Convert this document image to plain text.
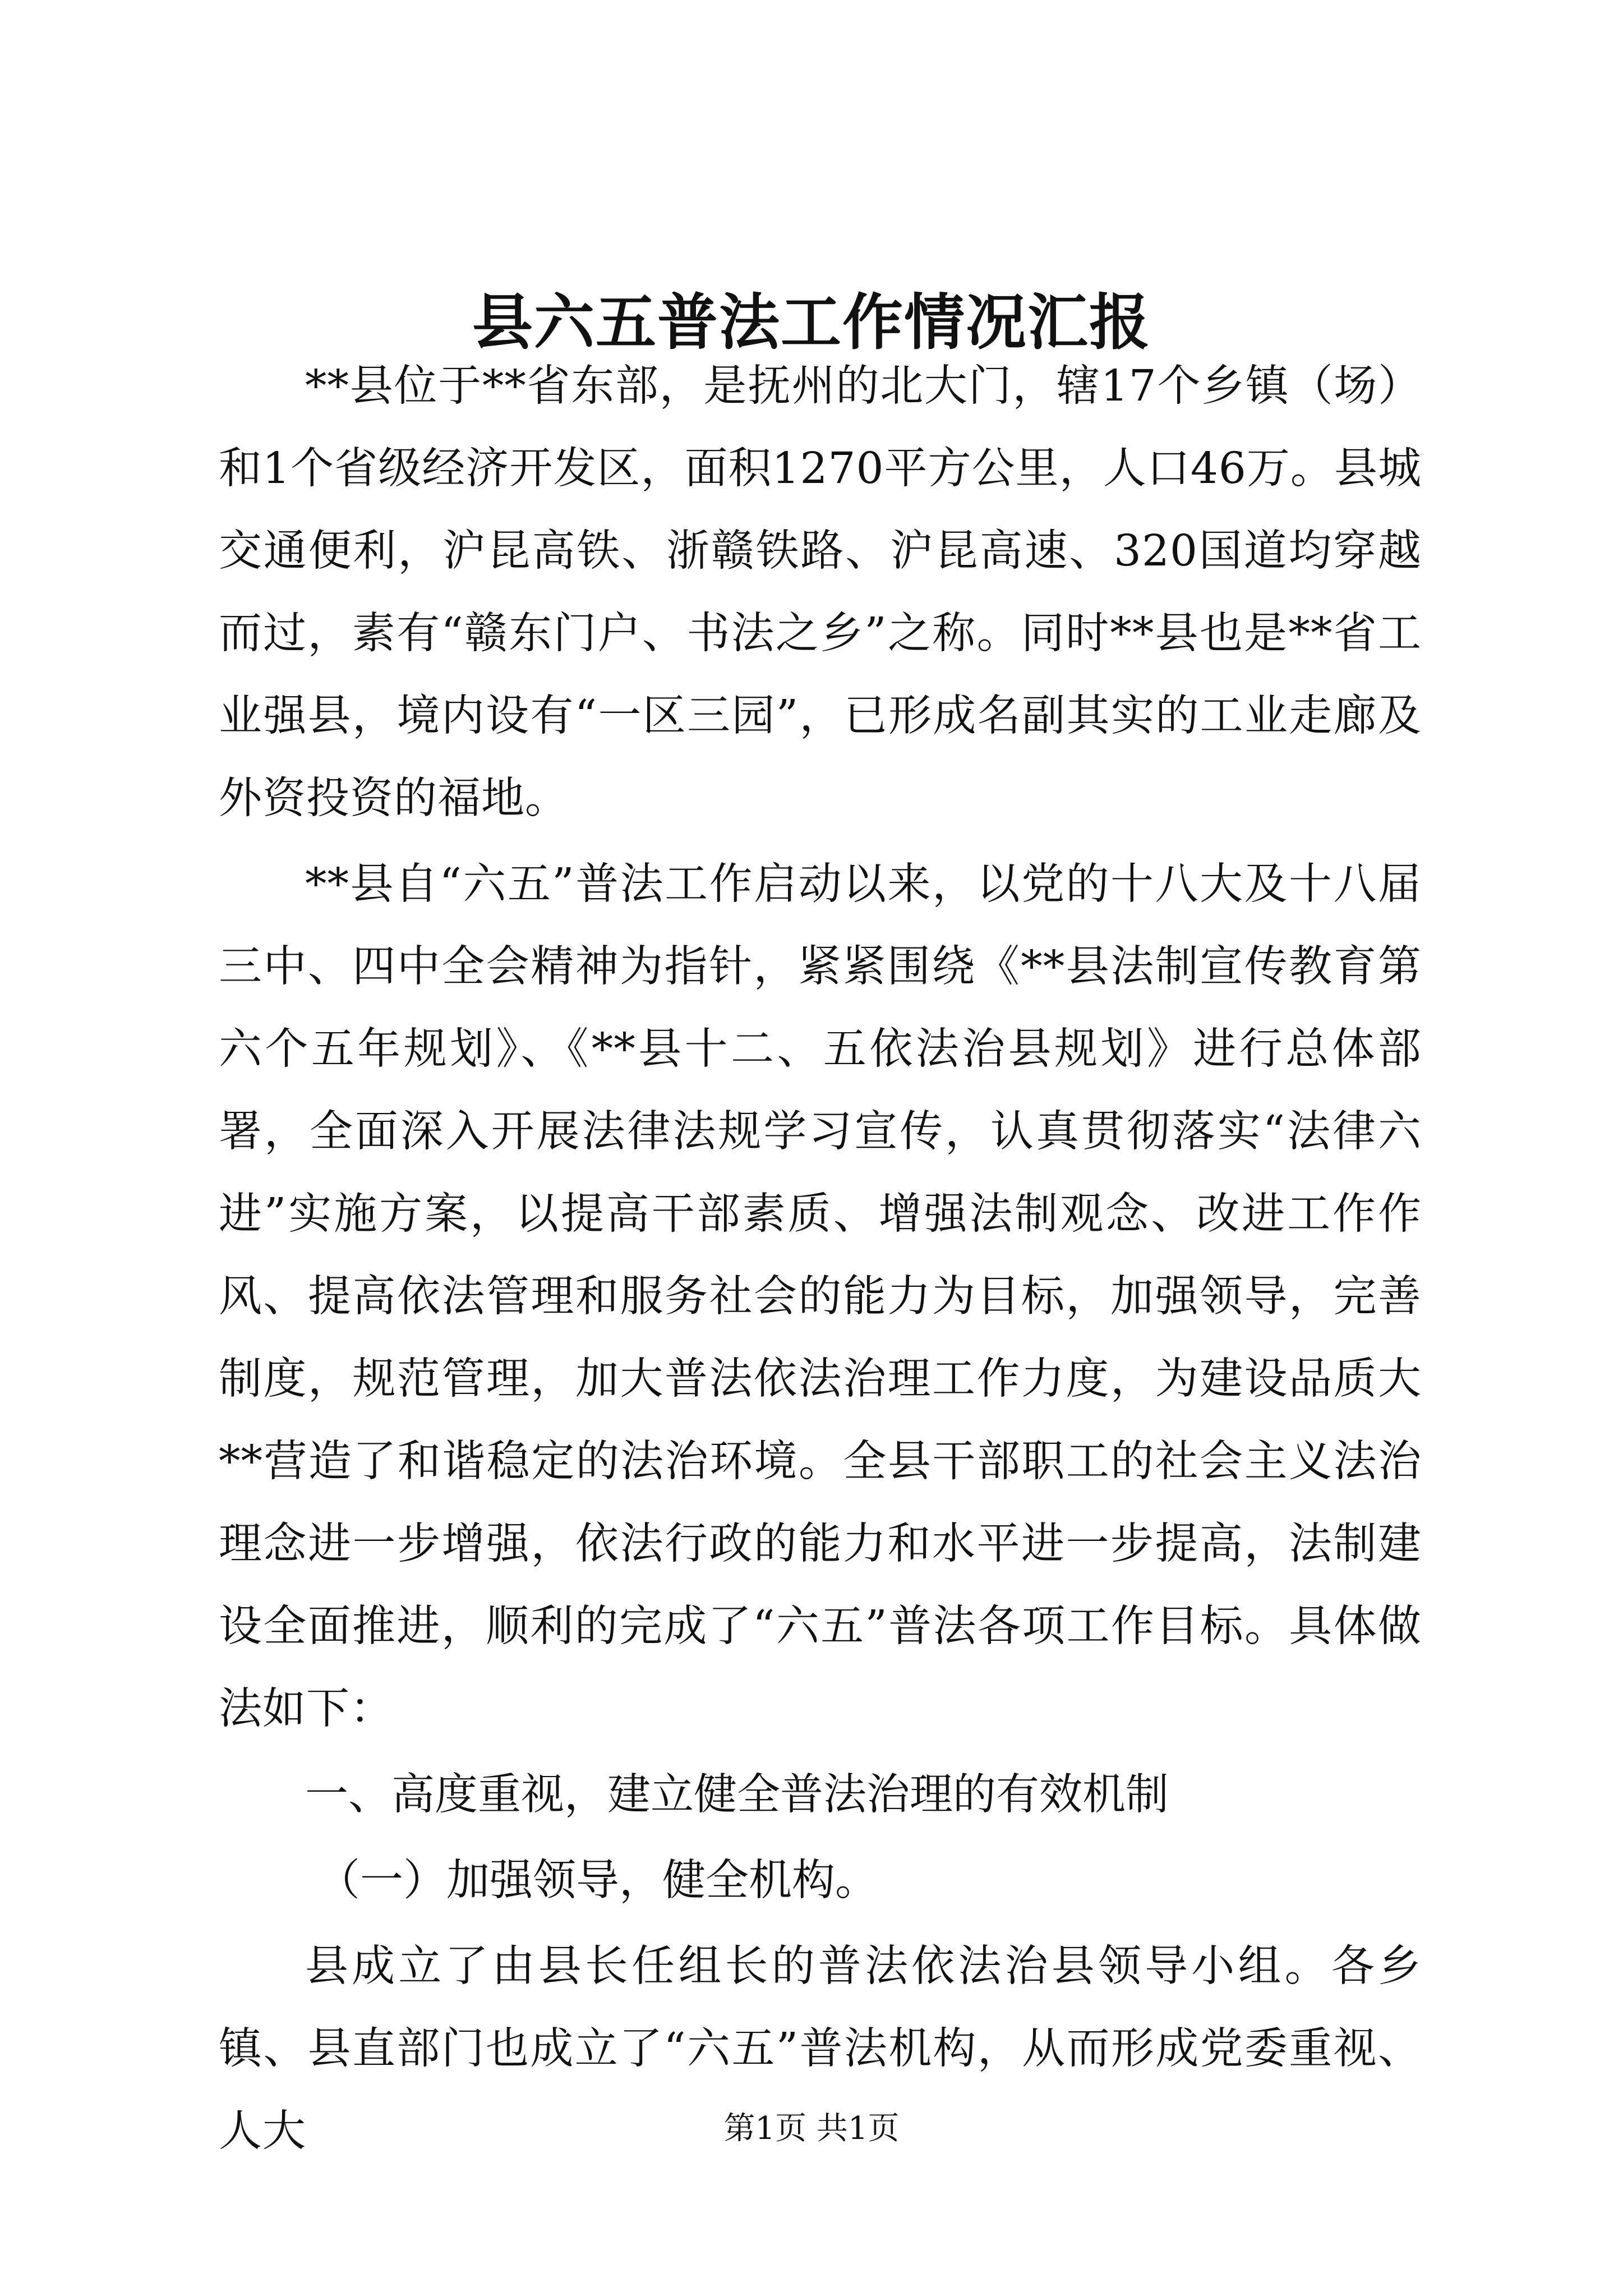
县六五普法工作情况汇报

**县位于**省东部，是抚州的北大门，辖17个乡镇（场）和1个省级经济开发区，面积1270平方公里，人口46万。县城交通便利，沪昆高铁、浙赣铁路、沪昆高速、320国道均穿越而过，素有“赣东门户、书法之乡”之称。同时**县也是**省工业强县，境内设有“一区三园”，已形成名副其实的工业走廊及外资投资的福地。

**县自“六五”普法工作启动以来，以党的十八大及十八届三中、四中全会精神为指针，紧紧围绕《**县法制宣传教育第六个五年规划》、《**县十二、五依法治县规划》进行总体部署，全面深入开展法律法规学习宣传，认真贯彻落实“法律六进”实施方案，以提高干部素质、增强法制观念、改进工作作风、提高依法管理和服务社会的能力为目标，加强领导，完善制度，规范管理，加大普法依法治理工作力度，为建设品质大**营造了和谐稳定的法治环境。全县干部职工的社会主义法治理念进一步增强，依法行政的能力和水平进一步提高，法制建设全面推进，顺利的完成了“六五”普法各项工作目标。具体做法如下：

一、高度重视，建立健全普法治理的有效机制

（一）加强领导，健全机构。

县成立了由县长任组长的普法依法治县领导小组。各乡镇、县直部门也成立了“六五”普法机构，从而形成党委重视、人大	第1页 共1页
